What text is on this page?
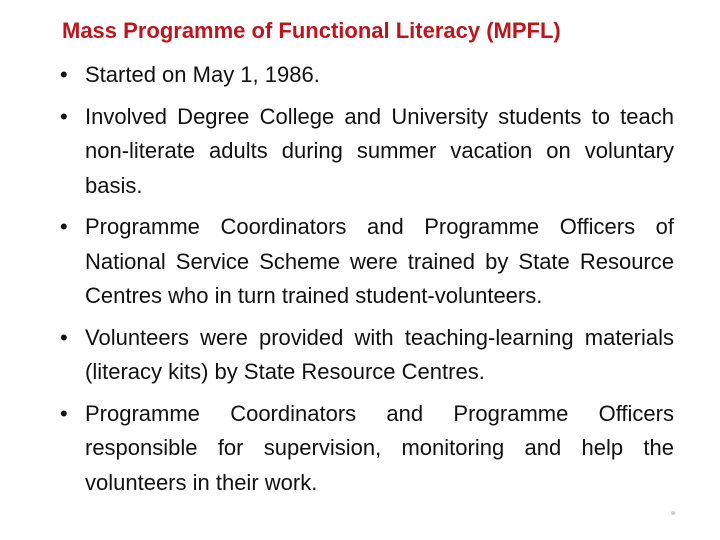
Mass Programme of Functional Literacy (MPFL)
• Started on May 1, 1986.
• Involved Degree College and University students to teach non-literate adults during summer vacation on voluntary basis.
• Programme Coordinators and Programme Officers of National Service Scheme were trained by State Resource Centres who in turn trained student-volunteers.
• Volunteers were provided with teaching-learning materials (literacy kits) by State Resource Centres.
• Programme Coordinators and Programme Officers responsible for supervision, monitoring and help the volunteers in their work.
